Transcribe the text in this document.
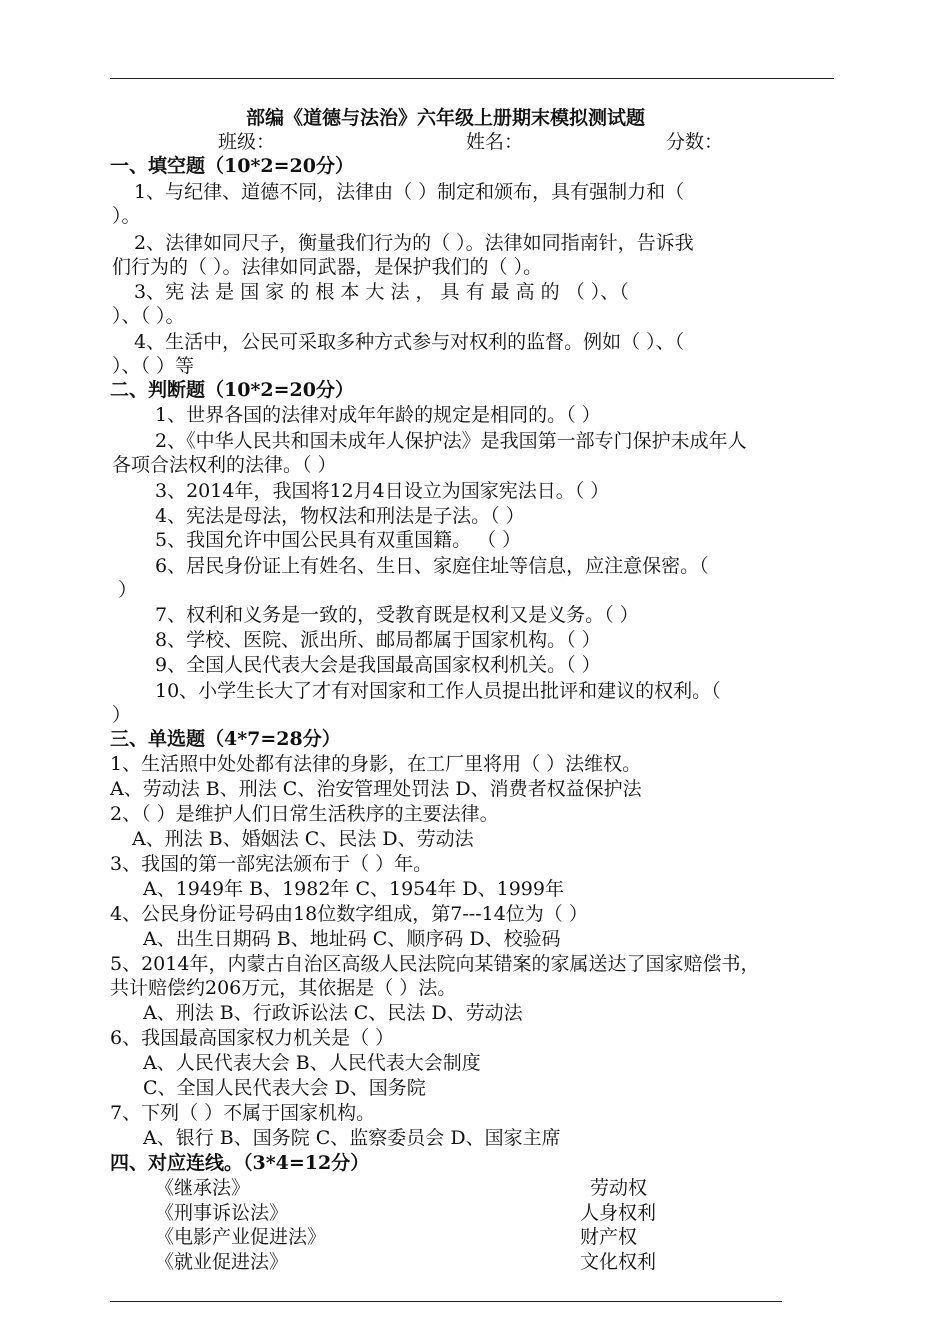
部编《道德与法治》六年级上册期末模拟测试题
班级：	姓名：	分数：
一、填空题（10*2=20分）
1、与纪律、道德不同，法律由（ ）制定和颁布，具有强制力和（
）。
2、法律如同尺子，衡量我们行为的（ ）。法律如同指南针，告诉我
们行为的（ ）。法律如同武器，是保护我们的（ ）。
3、宪 法 是 国 家 的 根 本 大 法 ， 具 有 最 高 的 （ ）、（
）、（ ）。
4、生活中，公民可采取多种方式参与对权利的监督。例如（ ）、（
）、（ ）等
二、判断题（10*2=20分）
1、世界各国的法律对成年年龄的规定是相同的。（ ）
2、《中华人民共和国未成年人保护法》是我国第一部专门保护未成年人
各项合法权利的法律。（ ）
3、2014年，我国将12月4日设立为国家宪法日。（ ）
4、宪法是母法，物权法和刑法是子法。（ ）
5、我国允许中国公民具有双重国籍。 （ ）
6、居民身份证上有姓名、生日、家庭住址等信息，应注意保密。（
）
7、权利和义务是一致的，受教育既是权利又是义务。（ ）
8、学校、医院、派出所、邮局都属于国家机构。（ ）
9、全国人民代表大会是我国最高国家权利机关。（ ）
10、小学生长大了才有对国家和工作人员提出批评和建议的权利。（
）
三、单选题（4*7=28分）
1、生活照中处处都有法律的身影，在工厂里将用（ ）法维权。
A、劳动法 B、刑法 C、治安管理处罚法 D、消费者权益保护法
2、（ ）是维护人们日常生活秩序的主要法律。
A、刑法 B、婚姻法 C、民法 D、劳动法
3、我国的第一部宪法颁布于（ ）年。
A、1949年 B、1982年 C、1954年 D、1999年
4、公民身份证号码由18位数字组成，第7---14位为（ ）
A、出生日期码 B、地址码 C、顺序码 D、校验码
5、2014年，内蒙古自治区高级人民法院向某错案的家属送达了国家赔偿书，
共计赔偿约206万元，其依据是（ ）法。
A、刑法 B、行政诉讼法 C、民法 D、劳动法
6、我国最高国家权力机关是（ ）
A、人民代表大会 B、人民代表大会制度
C、全国人民代表大会 D、国务院
7、下列（ ）不属于国家机构。
A、银行 B、国务院 C、监察委员会 D、国家主席
四、对应连线。（3*4=12分）
《继承法》
《刑事诉讼法》
《电影产业促进法》
《就业促进法》
劳动权
人身权利
财产权
文化权利
